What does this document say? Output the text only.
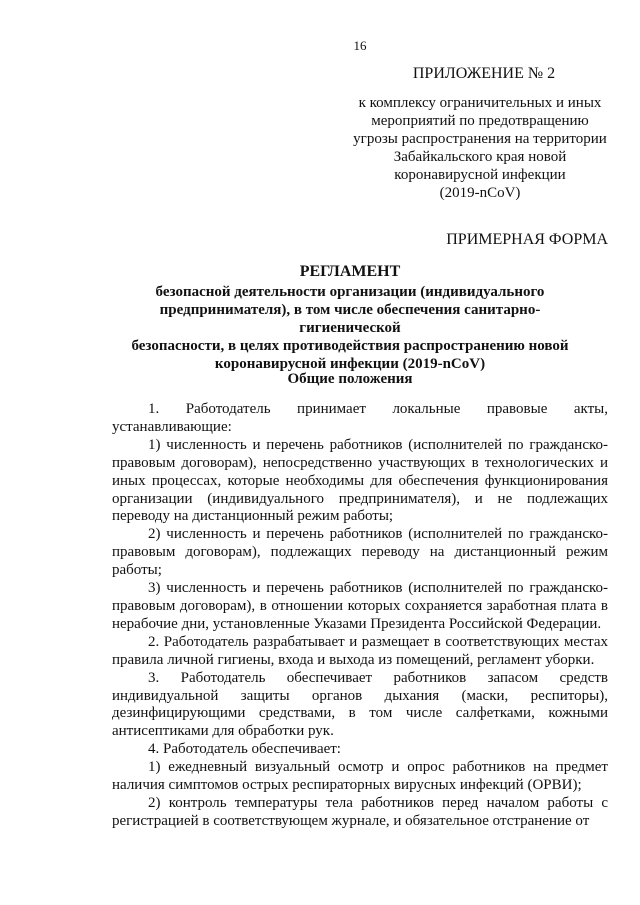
16

ПРИЛОЖЕНИЕ № 2

к комплексу ограничительных и иных

мероприятий по предотвращению

угрозы распространения на территории

Забайкальского края новой

коронавирусной инфекции

(2019-nCoV)

ПРИМЕРНАЯ ФОРМА
РЕГЛАМЕНТ
безопасной деятельности организации (индивидуального
предпринимателя), в том числе обеспечения санитарно-гигиенической
безопасности, в целях противодействия распространению новой
коронавирусной инфекции (2019-nCoV)
Общие положения

1. Работодатель принимает локальные правовые акты, устанавливающие:

1) численность и перечень работников (исполнителей по гражданско-правовым договорам), непосредственно участвующих в технологических и иных процессах, которые необходимы для обеспечения функционирования организации (индивидуального предпринимателя), и не подлежащих переводу на дистанционный режим работы;

2) численность и перечень работников (исполнителей по гражданско-правовым договорам), подлежащих переводу на дистанционный режим работы;

3) численность и перечень работников (исполнителей по гражданско-правовым договорам), в отношении которых сохраняется заработная плата в нерабочие дни, установленные Указами Президента Российской Федерации.

2. Работодатель разрабатывает и размещает в соответствующих местах правила личной гигиены, входа и выхода из помещений, регламент уборки.

3. Работодатель обеспечивает работников запасом средств индивидуальной защиты органов дыхания (маски, респиторы), дезинфицирующими средствами, в том числе салфетками, кожными антисептиками для обработки рук.

4. Работодатель обеспечивает:

1) ежедневный визуальный осмотр и опрос работников на предмет наличия симптомов острых респираторных вирусных инфекций (ОРВИ);

2) контроль температуры тела работников перед началом работы с регистрацией в соответствующем журнале, и обязательное отстранение от
